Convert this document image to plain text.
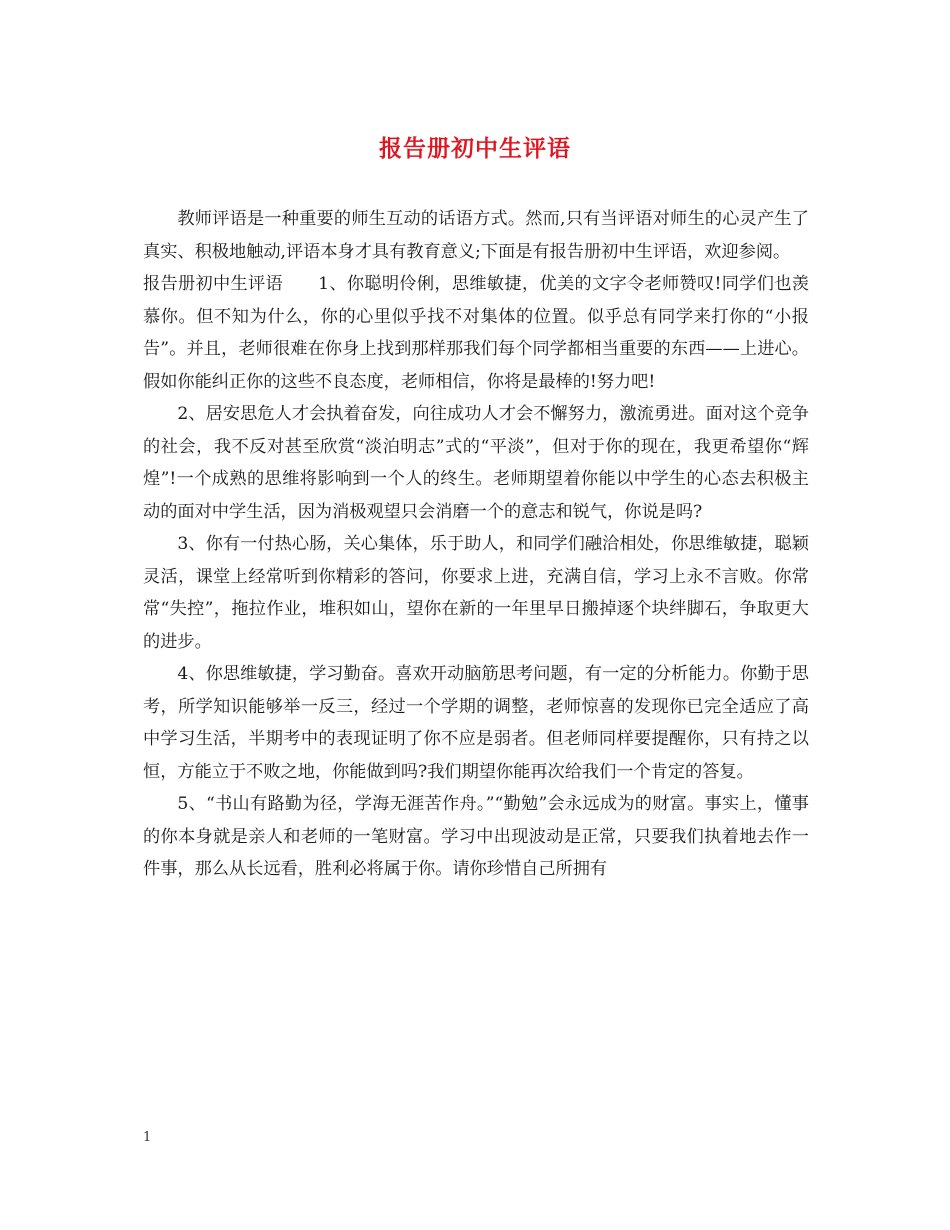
报告册初中生评语

教师评语是一种重要的师生互动的话语方式。然而,只有当评语对师生的心灵产生了真实、积极地触动,评语本身才具有教育意义;下面是有报告册初中生评语，欢迎参阅。

报告册初中生评语　　1、你聪明伶俐，思维敏捷，优美的文字令老师赞叹!同学们也羡慕你。但不知为什么，你的心里似乎找不对集体的位置。似乎总有同学来打你的“小报告”。并且，老师很难在你身上找到那样那我们每个同学都相当重要的东西——上进心。假如你能纠正你的这些不良态度，老师相信，你将是最棒的!努力吧!

2、居安思危人才会执着奋发，向往成功人才会不懈努力，激流勇进。面对这个竞争的社会，我不反对甚至欣赏“淡泊明志”式的“平淡”，但对于你的现在，我更希望你“辉煌”!一个成熟的思维将影响到一个人的终生。老师期望着你能以中学生的心态去积极主动的面对中学生活，因为消极观望只会消磨一个的意志和锐气，你说是吗?

3、你有一付热心肠，关心集体，乐于助人，和同学们融洽相处，你思维敏捷，聪颖灵活，课堂上经常听到你精彩的答问，你要求上进，充满自信，学习上永不言败。你常常“失控”，拖拉作业，堆积如山，望你在新的一年里早日搬掉逐个块绊脚石，争取更大的进步。

4、你思维敏捷，学习勤奋。喜欢开动脑筋思考问题，有一定的分析能力。你勤于思考，所学知识能够举一反三，经过一个学期的调整，老师惊喜的发现你已完全适应了高中学习生活，半期考中的表现证明了你不应是弱者。但老师同样要提醒你，只有持之以恒，方能立于不败之地，你能做到吗?我们期望你能再次给我们一个肯定的答复。

5、“书山有路勤为径，学海无涯苦作舟。”“勤勉”会永远成为的财富。事实上，懂事的你本身就是亲人和老师的一笔财富。学习中出现波动是正常，只要我们执着地去作一件事，那么从长远看，胜利必将属于你。请你珍惜自己所拥有

1
